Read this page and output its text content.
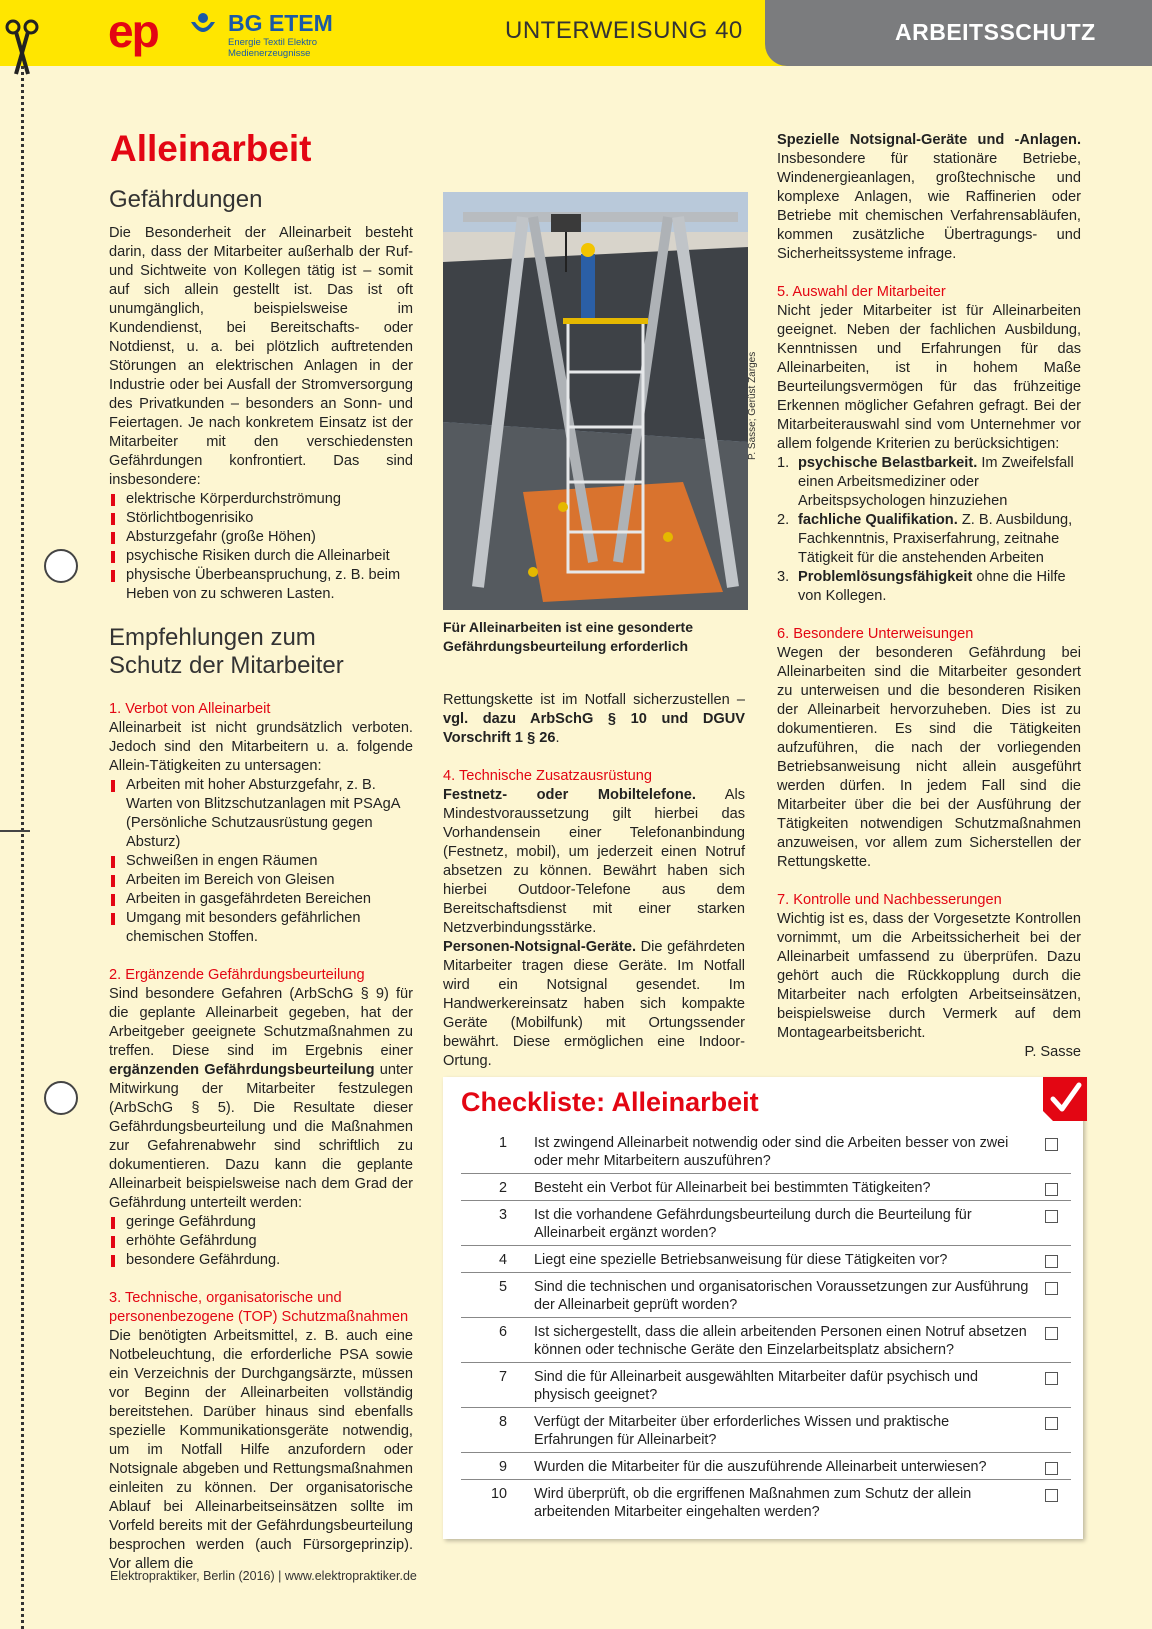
ep	BG ETEM
Energie Textil Elektro
Medienerzeugnisse
UNTERWEISUNG 40	ARBEITSSCHUTZ
Alleinarbeit
Gefährdungen

Die Besonderheit der Alleinarbeit besteht darin, dass der Mitarbeiter außerhalb der Ruf- und Sichtweite von Kollegen tätig ist – somit auf sich allein gestellt ist. Das ist oft unumgänglich, beispielsweise im Kundendienst, bei Bereitschafts- oder Notdienst, u. a. bei plötzlich auftretenden Störungen an elektrischen Anlagen in der Industrie oder bei Ausfall der Stromversorgung des Privatkunden – besonders an Sonn- und Feiertagen. Je nach konkretem Einsatz ist der Mitarbeiter mit den verschiedensten Gefährdungen konfrontiert. Das sind insbesondere:

elektrische Körperdurchströmung
Störlichtbogenrisiko
Absturzgefahr (große Höhen)
psychische Risiken durch die Alleinarbeit
physische Überbeanspruchung, z. B. beim Heben von zu schweren Lasten.
Empfehlungen zum
Schutz der Mitarbeiter

1. Verbot von Alleinarbeit

Alleinarbeit ist nicht grundsätzlich verboten. Jedoch sind den Mitarbeitern u. a. folgende Allein-Tätigkeiten zu untersagen:

Arbeiten mit hoher Absturzgefahr, z. B. Warten von Blitzschutzanlagen mit PSAgA (Persönliche Schutzausrüstung gegen Absturz)
Schweißen in engen Räumen
Arbeiten im Bereich von Gleisen
Arbeiten in gasgefährdeten Bereichen
Umgang mit besonders gefährlichen chemischen Stoffen.

2. Ergänzende Gefährdungsbeurteilung

Sind besondere Gefahren (ArbSchG § 9) für die geplante Alleinarbeit gegeben, hat der Arbeitgeber geeignete Schutzmaßnahmen zu treffen. Diese sind im Ergebnis einer ergänzenden Gefährdungsbeurteilung unter Mitwirkung der Mitarbeiter festzulegen (ArbSchG § 5). Die Resultate dieser Gefährdungsbeurteilung und die Maßnahmen zur Gefahrenabwehr sind schriftlich zu dokumentieren. Dazu kann die geplante Alleinarbeit beispielsweise nach dem Grad der Gefährdung unterteilt werden:

geringe Gefährdung
erhöhte Gefährdung
besondere Gefährdung.

3. Technische, organisatorische und personenbezogene (TOP) Schutzmaßnahmen

Die benötigten Arbeitsmittel, z. B. auch eine Notbeleuchtung, die erforderliche PSA sowie ein Verzeichnis der Durchgangsärzte, müssen vor Beginn der Alleinarbeiten vollständig bereitstehen. Darüber hinaus sind ebenfalls spezielle Kommunikationsgeräte notwendig, um im Notfall Hilfe anzufordern oder Notsignale abgeben und Rettungsmaßnahmen einleiten zu können. Der organisatorische Ablauf bei Alleinarbeitseinsätzen sollte im Vorfeld bereits mit der Gefährdungsbeurteilung besprochen werden (auch Fürsorgeprinzip). Vor allem die

P. Sasse; Gerüst Zarges
Für Alleinarbeiten ist eine gesonderte Gefährdungsbeurteilung erforderlich

Rettungskette ist im Notfall sicherzustellen – vgl. dazu ArbSchG § 10 und DGUV Vorschrift 1 § 26.

4. Technische Zusatzausrüstung

Festnetz- oder Mobiltelefone. Als Mindestvoraussetzung gilt hierbei das Vorhandensein einer Telefonanbindung (Festnetz, mobil), um jederzeit einen Notruf absetzen zu können. Bewährt haben sich hierbei Outdoor-Telefone aus dem Bereitschaftsdienst mit einer starken Netzverbindungsstärke.

Personen-Notsignal-Geräte. Die gefährdeten Mitarbeiter tragen diese Geräte. Im Notfall wird ein Notsignal gesendet. Im Handwerkereinsatz haben sich kompakte Geräte (Mobilfunk) mit Ortungssender bewährt. Diese ermöglichen eine Indoor-Ortung.

Spezielle Notsignal-Geräte und -Anlagen. Insbesondere für stationäre Betriebe, Windenergieanlagen, großtechnische und komplexe Anlagen, wie Raffinerien oder Betriebe mit chemischen Verfahrensabläufen, kommen zusätzliche Übertragungs- und Sicherheitssysteme infrage.

5. Auswahl der Mitarbeiter

Nicht jeder Mitarbeiter ist für Alleinarbeiten geeignet. Neben der fachlichen Ausbildung, Kenntnissen und Erfahrungen für das Alleinarbeiten, ist in hohem Maße Beurteilungsvermögen für das frühzeitige Erkennen möglicher Gefahren gefragt. Bei der Mitarbeiterauswahl sind vom Unternehmer vor allem folgende Kriterien zu berücksichtigen:

1. psychische Belastbarkeit. Im Zweifelsfall einen Arbeitsmediziner oder Arbeitspsychologen hinzuziehen
2. fachliche Qualifikation. Z. B. Ausbildung, Fachkenntnis, Praxiserfahrung, zeitnahe Tätigkeit für die anstehenden Arbeiten
3. Problemlösungsfähigkeit ohne die Hilfe von Kollegen.

6. Besondere Unterweisungen

Wegen der besonderen Gefährdung bei Alleinarbeiten sind die Mitarbeiter gesondert zu unterweisen und die besonderen Risiken der Alleinarbeit hervorzuheben. Dies ist zu dokumentieren. Es sind die Tätigkeiten aufzuführen, die nach der vorliegenden Betriebsanweisung nicht allein ausgeführt werden dürfen. In jedem Fall sind die Mitarbeiter über die bei der Ausführung der Tätigkeiten notwendigen Schutzmaßnahmen anzuweisen, vor allem zum Sicherstellen der Rettungskette.

7. Kontrolle und Nachbesserungen

Wichtig ist es, dass der Vorgesetzte Kontrollen vornimmt, um die Arbeitssicherheit bei der Alleinarbeit umfassend zu überprüfen. Dazu gehört auch die Rückkopplung durch die Mitarbeiter nach erfolgten Arbeitseinsätzen, beispielsweise durch Vermerk auf dem Montagearbeitsbericht.

P. Sasse

Checkliste: Alleinarbeit
1 Ist zwingend Alleinarbeit notwendig oder sind die Arbeiten besser von zwei oder mehr Mitarbeitern auszuführen?
2 Besteht ein Verbot für Alleinarbeit bei bestimmten Tätigkeiten?
3 Ist die vorhandene Gefährdungsbeurteilung durch die Beurteilung für Alleinarbeit ergänzt worden?
4 Liegt eine spezielle Betriebsanweisung für diese Tätigkeiten vor?
5 Sind die technischen und organisatorischen Voraussetzungen zur Ausführung der Alleinarbeit geprüft worden?
6 Ist sichergestellt, dass die allein arbeitenden Personen einen Notruf absetzen können oder technische Geräte den Einzelarbeitsplatz absichern?
7 Sind die für Alleinarbeit ausgewählten Mitarbeiter dafür psychisch und physisch geeignet?
8 Verfügt der Mitarbeiter über erforderliches Wissen und praktische Erfahrungen für Alleinarbeit?
9 Wurden die Mitarbeiter für die auszuführende Alleinarbeit unterwiesen?
10 Wird überprüft, ob die ergriffenen Maßnahmen zum Schutz der allein arbeitenden Mitarbeiter eingehalten werden?
Elektropraktiker, Berlin (2016) | www.elektropraktiker.de
